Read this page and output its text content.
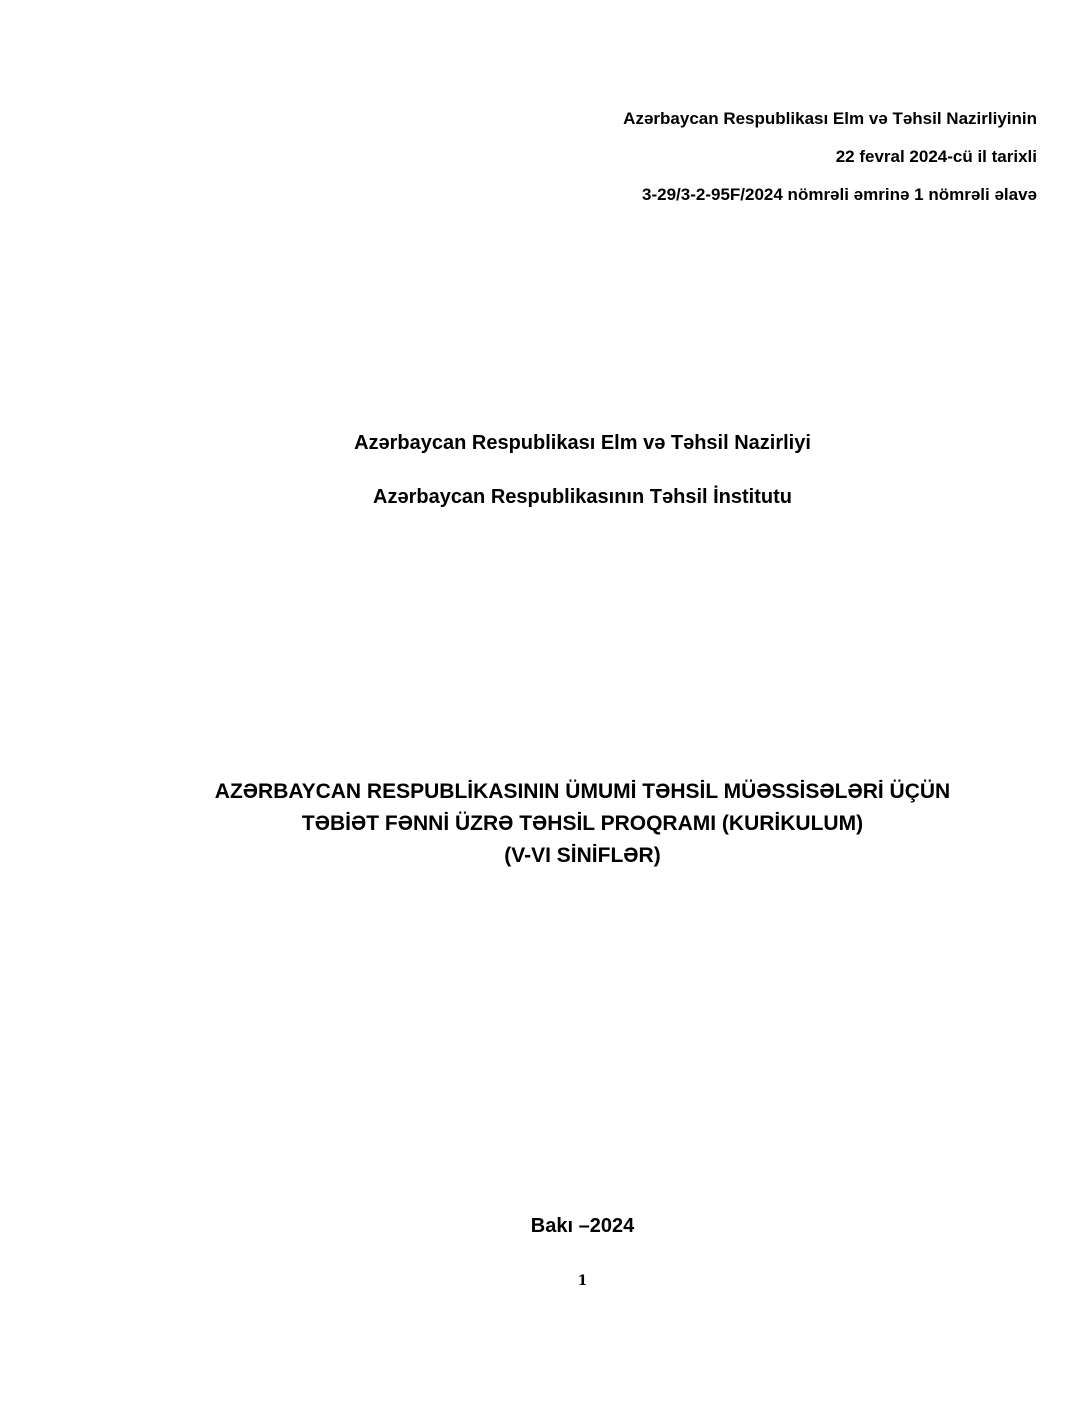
Azərbaycan Respublikası Elm və Təhsil Nazirliyinin
22 fevral 2024-cü il tarixli
3-29/3-2-95F/2024 nömrəli əmrinə 1 nömrəli əlavə
Azərbaycan Respublikası Elm və Təhsil Nazirliyi
Azərbaycan Respublikasının Təhsil İnstitutu
AZƏRBAYCAN RESPUBLİKASININ ÜMUMİ TƏHSİL MÜƏSSİSƏLƏRİ ÜÇÜN
TƏBİƏT FƏNNİ ÜZRƏ TƏHSİL PROQRAMI (KURİKULUM)
(V-VI SİNİFLƏR)
Bakı –2024
1
